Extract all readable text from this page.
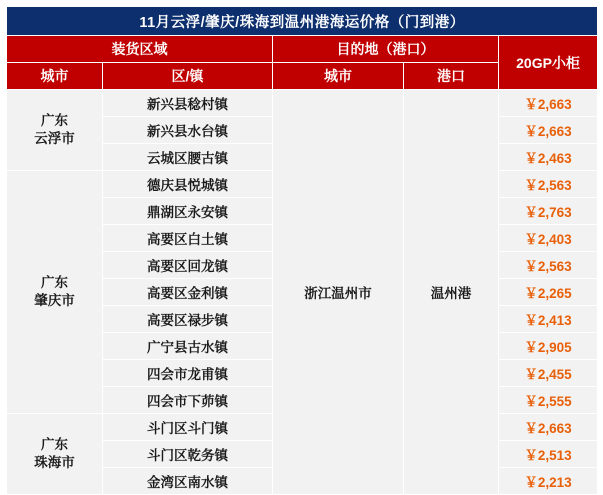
11月云浮/肇庆/珠海到温州港海运价格（门到港）				
装货区域		目的地（港口）		20GP小柜
城市	区/镇	城市	港口	
广东
云浮市	新兴县稔村镇	浙江温州市	温州港	￥2,663
	新兴县水台镇			￥2,663
	云城区腰古镇			￥2,463
广东
肇庆市	德庆县悦城镇			￥2,563
	鼎湖区永安镇			￥2,763
	高要区白土镇			￥2,403
	高要区回龙镇			￥2,563
	高要区金利镇			￥2,265
	高要区禄步镇			￥2,413
	广宁县古水镇			￥2,905
	四会市龙甫镇			￥2,455
	四会市下茆镇			￥2,555
广东
珠海市	斗门区斗门镇			￥2,663
	斗门区乾务镇			￥2,513
	金湾区南水镇			￥2,213
